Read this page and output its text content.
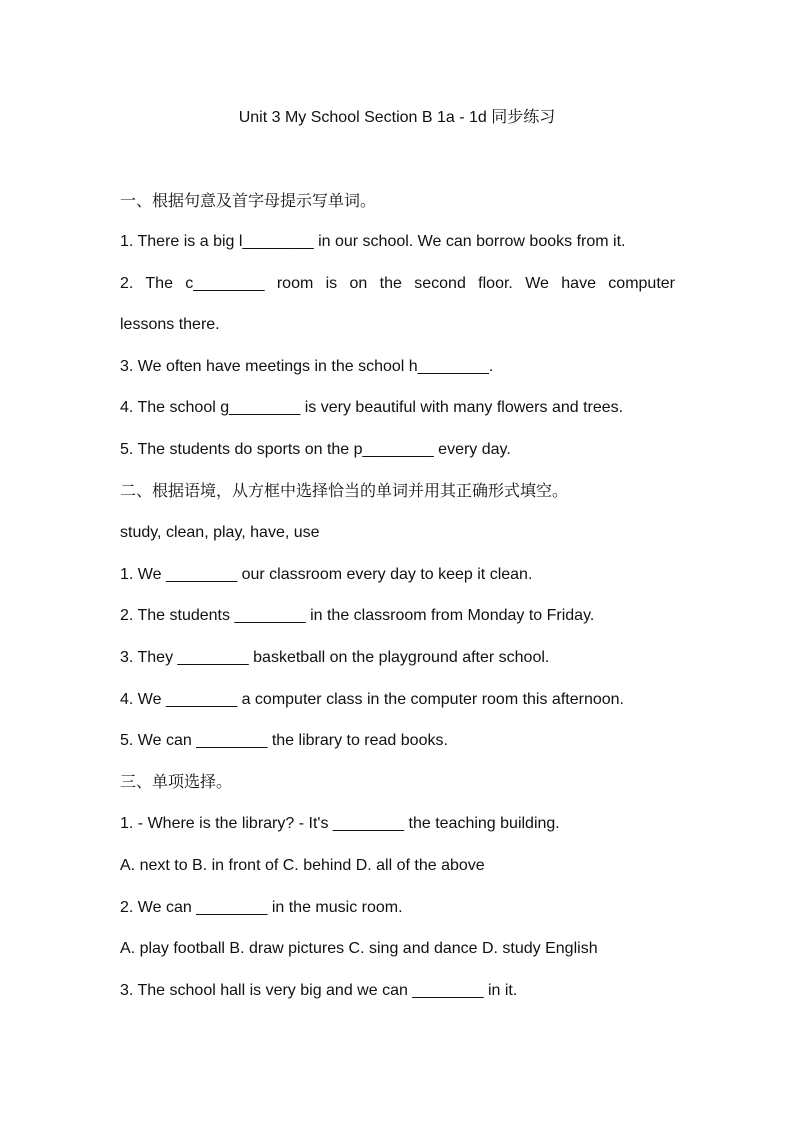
Unit 3 My School Section B 1a - 1d 同步练习
一、根据句意及首字母提示写单词。
1. There is a big l________ in our school. We can borrow books from it.
2. The c________ room is on the second floor. We have computer
lessons there.
3. We often have meetings in the school h________.
4. The school g________ is very beautiful with many flowers and trees.
5. The students do sports on the p________ every day.
二、根据语境，从方框中选择恰当的单词并用其正确形式填空。
study, clean, play, have, use
1. We ________ our classroom every day to keep it clean.
2. The students ________ in the classroom from Monday to Friday.
3. They ________ basketball on the playground after school.
4. We ________ a computer class in the computer room this afternoon.
5. We can ________ the library to read books.
三、单项选择。
1. - Where is the library? - It's ________ the teaching building.
A. next to B. in front of C. behind D. all of the above
2. We can ________ in the music room.
A. play football B. draw pictures C. sing and dance D. study English
3. The school hall is very big and we can ________ in it.
